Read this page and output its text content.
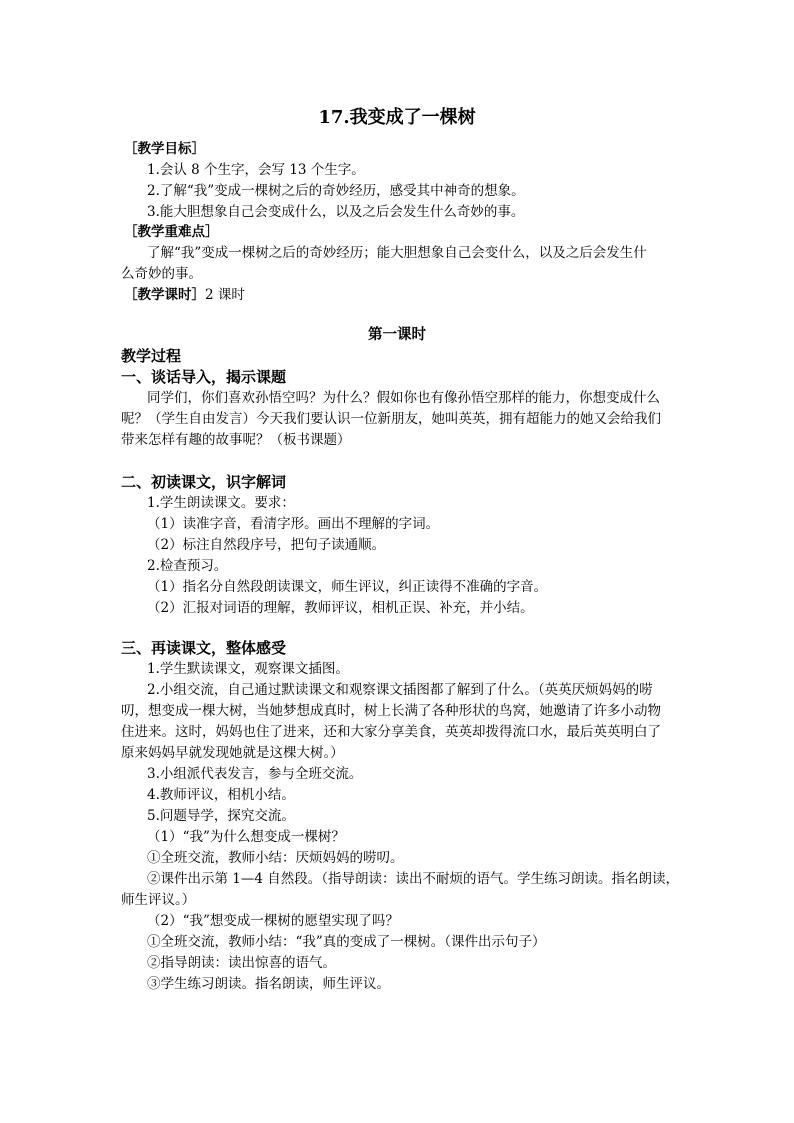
17.我变成了一棵树
［教学目标］
1.会认 8 个生字，会写 13 个生字。
2.了解“我”变成一棵树之后的奇妙经历，感受其中神奇的想象。
3.能大胆想象自己会变成什么，以及之后会发生什么奇妙的事。
［教学重难点］
了解“我”变成一棵树之后的奇妙经历；能大胆想象自己会变什么，以及之后会发生什
么奇妙的事。
［教学课时］2 课时
第一课时
教学过程
一、谈话导入，揭示课题
同学们，你们喜欢孙悟空吗？为什么？假如你也有像孙悟空那样的能力，你想变成什么
呢？（学生自由发言）今天我们要认识一位新朋友，她叫英英，拥有超能力的她又会给我们
带来怎样有趣的故事呢？（板书课题）
二、初读课文，识字解词
1.学生朗读课文。要求：
（1）读准字音，看清字形。画出不理解的字词。
（2）标注自然段序号，把句子读通顺。
2.检查预习。
（1）指名分自然段朗读课文，师生评议，纠正读得不准确的字音。
（2）汇报对词语的理解，教师评议，相机正误、补充，并小结。
三、再读课文，整体感受
1.学生默读课文，观察课文插图。
2.小组交流，自己通过默读课文和观察课文插图都了解到了什么。（英英厌烦妈妈的唠
叨，想变成一棵大树，当她梦想成真时，树上长满了各种形状的鸟窝，她邀请了许多小动物
住进来。这时，妈妈也住了进来，还和大家分享美食，英英却拨得流口水，最后英英明白了
原来妈妈早就发现她就是这棵大树。）
3.小组派代表发言，参与全班交流。
4.教师评议，相机小结。
5.问题导学，探究交流。
（1）“我”为什么想变成一棵树？
①全班交流，教师小结：厌烦妈妈的唠叨。
②课件出示第 1—4 自然段。（指导朗读：读出不耐烦的语气。学生练习朗读。指名朗读，
师生评议。）
（2）“我”想变成一棵树的愿望实现了吗？
①全班交流，教师小结：“我”真的变成了一棵树。（课件出示句子）
②指导朗读：读出惊喜的语气。
③学生练习朗读。指名朗读，师生评议。
